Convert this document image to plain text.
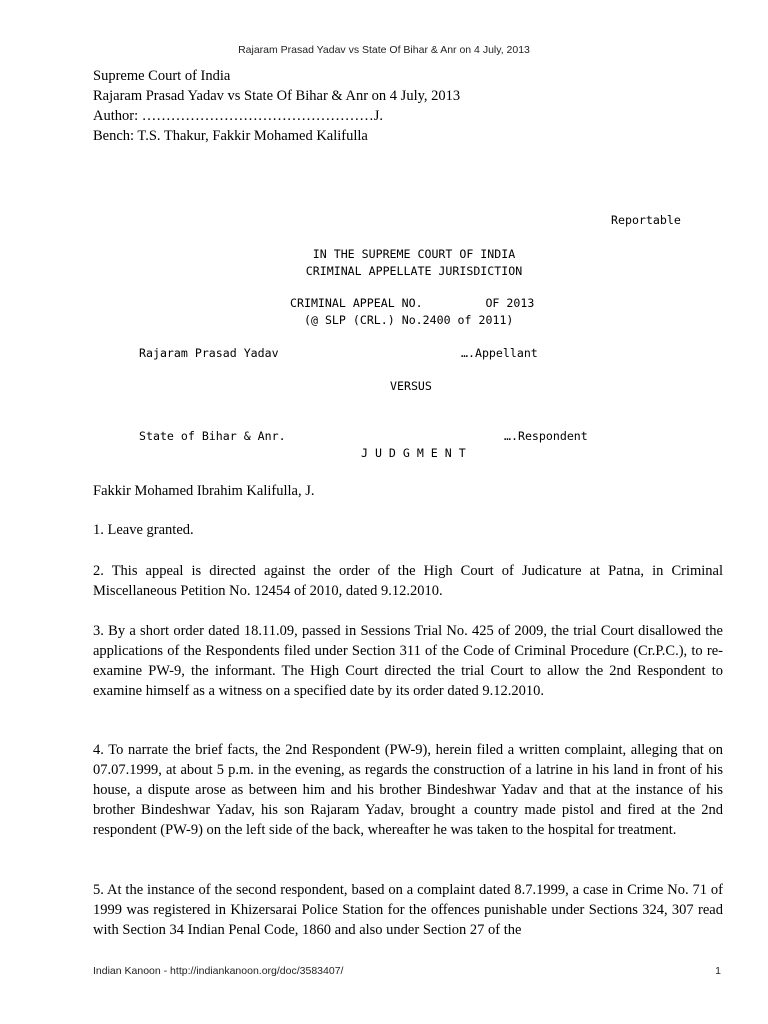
Rajaram Prasad Yadav vs State Of Bihar & Anr on 4 July, 2013
Supreme Court of India
Rajaram Prasad Yadav vs State Of Bihar & Anr on 4 July, 2013
Author: …………………………………………J.
Bench: T.S. Thakur, Fakkir Mohamed Kalifulla
Reportable
IN THE SUPREME COURT OF INDIA
CRIMINAL APPELLATE JURISDICTION
CRIMINAL APPEAL NO.         OF 2013
(@ SLP (CRL.) No.2400 of 2011)
Rajaram Prasad Yadav	….Appellant
VERSUS
State of Bihar & Anr.	….Respondent
J U D G M E N T
Fakkir Mohamed Ibrahim Kalifulla, J.
1. Leave granted.
2. This appeal is directed against the order of the High Court of Judicature at Patna, in Criminal Miscellaneous Petition No. 12454 of 2010, dated 9.12.2010.
3. By a short order dated 18.11.09, passed in Sessions Trial No. 425 of 2009, the trial Court disallowed the applications of the Respondents filed under Section 311 of the Code of Criminal Procedure (Cr.P.C.), to re- examine PW-9, the informant. The High Court directed the trial Court to allow the 2nd Respondent to examine himself as a witness on a specified date by its order dated 9.12.2010.
4. To narrate the brief facts, the 2nd Respondent (PW-9), herein filed a written complaint, alleging that on 07.07.1999, at about 5 p.m. in the evening, as regards the construction of a latrine in his land in front of his house, a dispute arose as between him and his brother Bindeshwar Yadav and that at the instance of his brother Bindeshwar Yadav, his son Rajaram Yadav, brought a country made pistol and fired at the 2nd respondent (PW-9) on the left side of the back, whereafter he was taken to the hospital for treatment.
5. At the instance of the second respondent, based on a complaint dated 8.7.1999, a case in Crime No. 71 of 1999 was registered in Khizersarai Police Station for the offences punishable under Sections 324, 307 read with Section 34 Indian Penal Code, 1860 and also under Section 27 of the
Indian Kanoon - http://indiankanoon.org/doc/3583407/	1
